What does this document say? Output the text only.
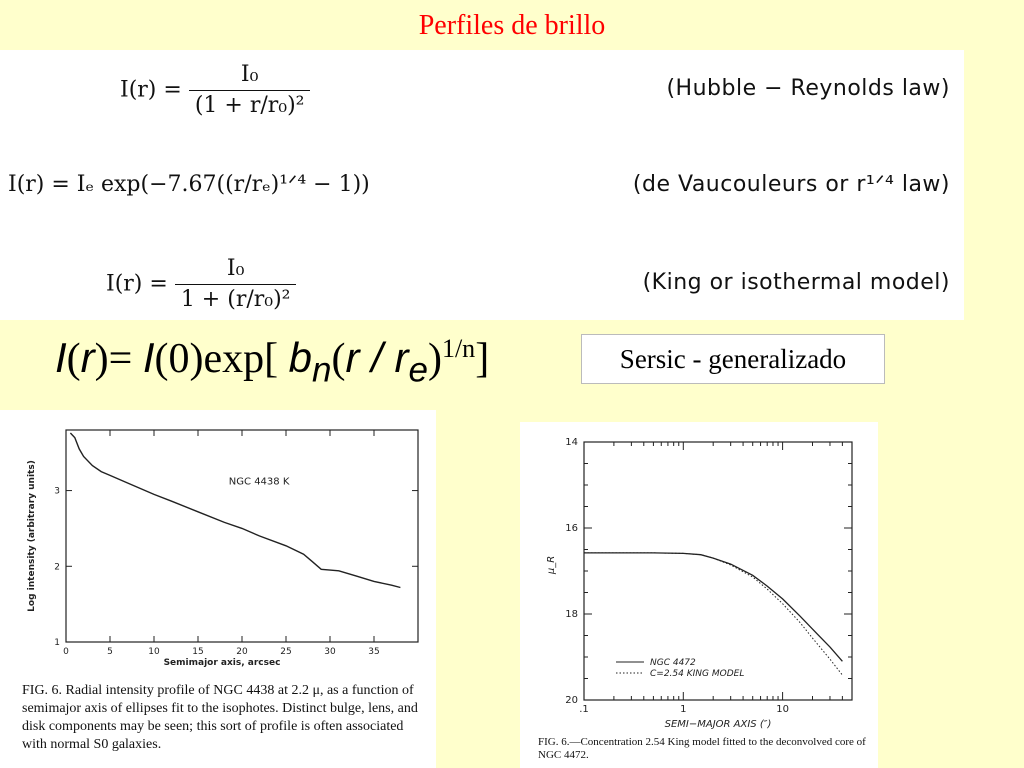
Perfiles de brillo
$I(r) = \frac{\text{I₀}}{\text{(1 + r/r₀)²}}$	(Hubble − Reynolds law)
I(r) = Iₑ exp(−7.67((r/rₑ)¹ᐟ⁴ − 1))	(de Vaucouleurs or r¹ᐟ⁴ law)
$I(r) = \frac{\text{I₀}}{\text{1 + (r/r₀)²}}$	(King or isothermal model)
I(r)= I(0)exp[ $b_n(r / r_e)^{1/n}$]	Sersic - generalizado
0	5	10	15	20	25	30	35
1
2
3
NGC 4438 K
Semimajor axis, arcsec
Log intensity (arbitrary units)
FIG. 6. Radial intensity profile of NGC 4438 at 2.2 μ, as a function of semimajor axis of ellipses fit to the isophotes. Distinct bulge, lens, and disk components may be seen; this sort of profile is often associated with normal S0 galaxies.
.1	1	10
14
16
18
20
NGC 4472
C=2.54 KING MODEL
SEMI−MAJOR AXIS (″)
μ_R
FIG. 6.—Concentration 2.54 King model fitted to the deconvolved core of NGC 4472.
